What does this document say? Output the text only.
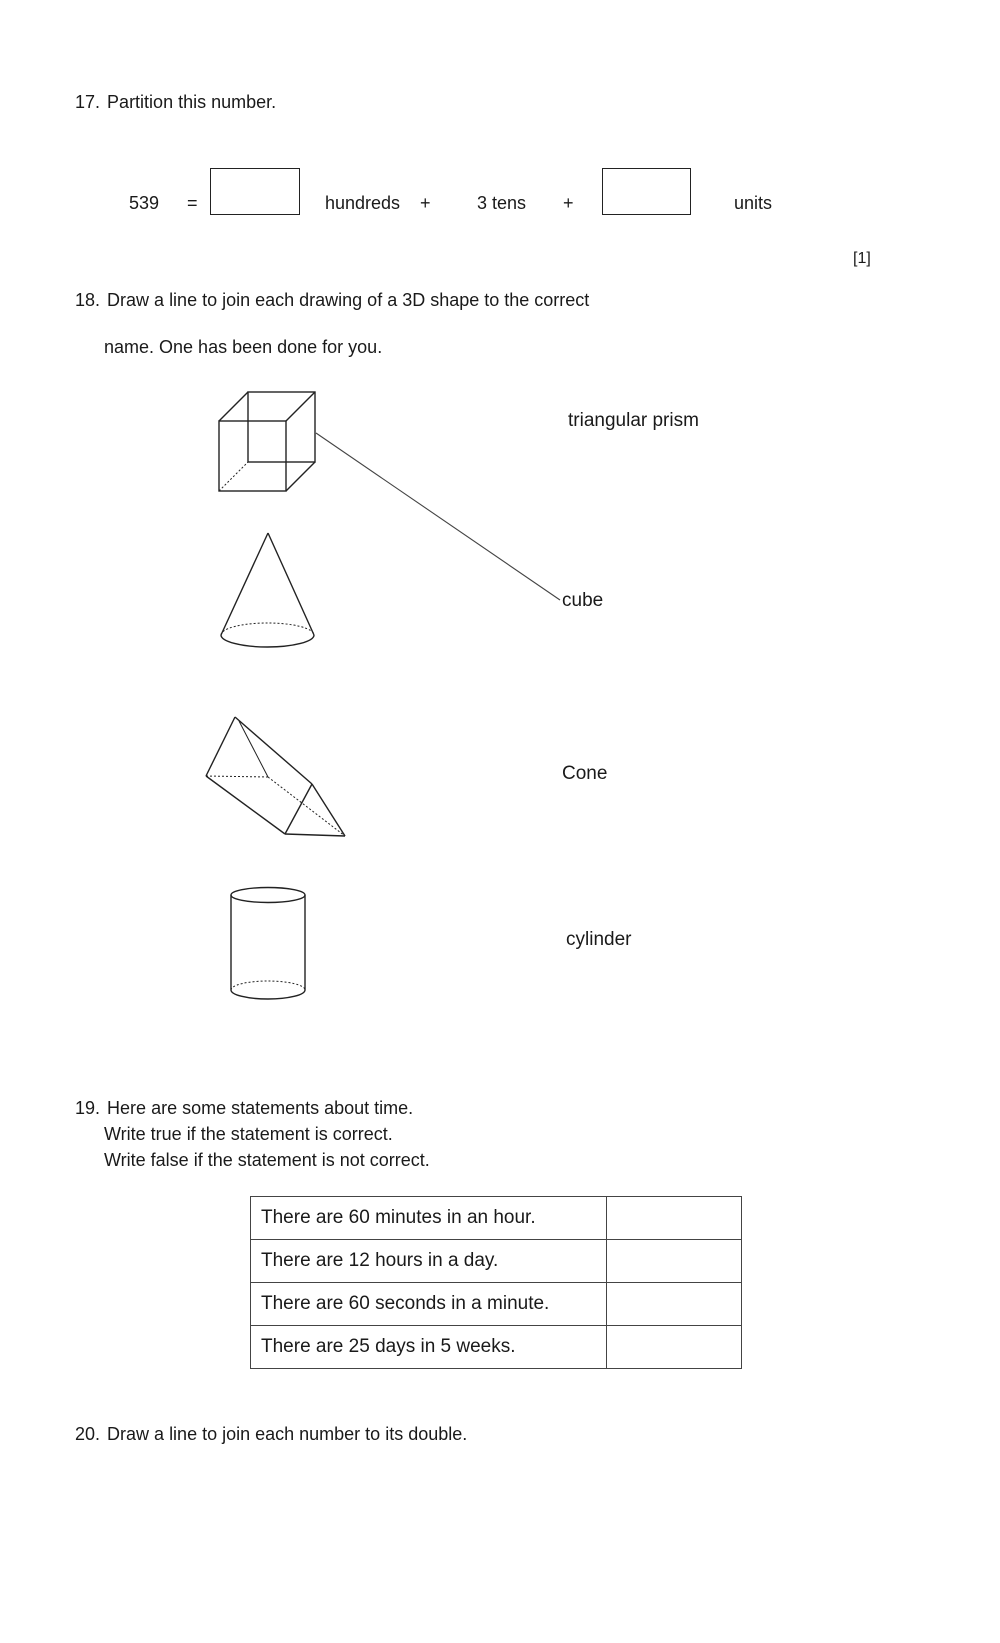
17. Partition this number.
539 =	hundreds +	3 tens +	units
[1]
18. Draw a line to join each drawing of a 3D shape to the correct
name. One has been done for you.
triangular prism
cube
Cone
cylinder
19. Here are some statements about time.
Write true if the statement is correct.
Write false if the statement is not correct.
There are 60 minutes in an hour.	
There are 12 hours in a day.	
There are 60 seconds in a minute.	
There are 25 days in 5 weeks.	
20. Draw a line to join each number to its double.
